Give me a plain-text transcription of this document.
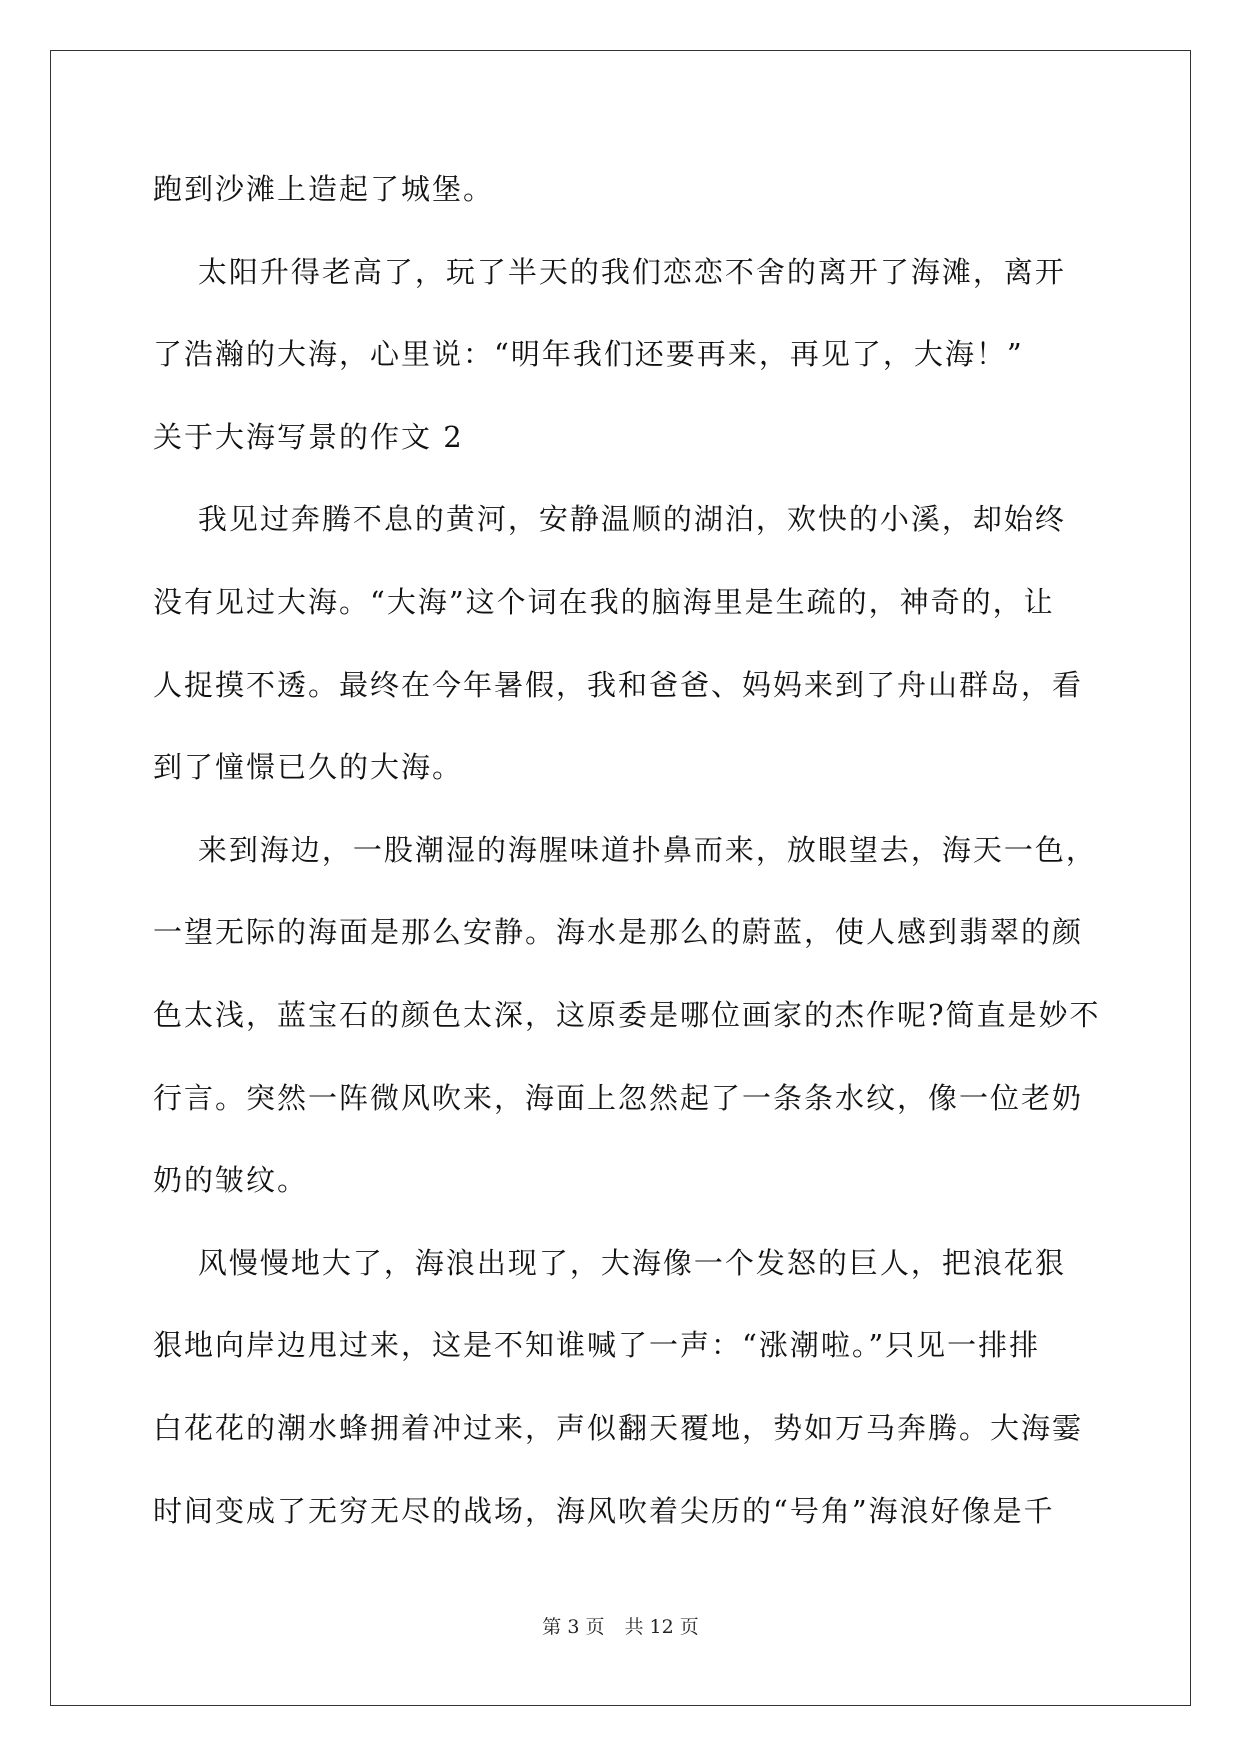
跑到沙滩上造起了城堡。
太阳升得老高了，玩了半天的我们恋恋不舍的离开了海滩，离开
了浩瀚的大海，心里说：“明年我们还要再来，再见了，大海！”
关于大海写景的作文 2
我见过奔腾不息的黄河，安静温顺的湖泊，欢快的小溪，却始终
没有见过大海。“大海”这个词在我的脑海里是生疏的，神奇的，让
人捉摸不透。最终在今年暑假，我和爸爸、妈妈来到了舟山群岛，看
到了憧憬已久的大海。
来到海边，一股潮湿的海腥味道扑鼻而来，放眼望去，海天一色，
一望无际的海面是那么安静。海水是那么的蔚蓝，使人感到翡翠的颜
色太浅，蓝宝石的颜色太深，这原委是哪位画家的杰作呢?简直是妙不
行言。突然一阵微风吹来，海面上忽然起了一条条水纹，像一位老奶
奶的皱纹。
风慢慢地大了，海浪出现了，大海像一个发怒的巨人，把浪花狠
狠地向岸边甩过来，这是不知谁喊了一声：“涨潮啦。”只见一排排
白花花的潮水蜂拥着冲过来，声似翻天覆地，势如万马奔腾。大海霎
时间变成了无穷无尽的战场，海风吹着尖历的“号角”海浪好像是千
第 3 页 共 12 页
